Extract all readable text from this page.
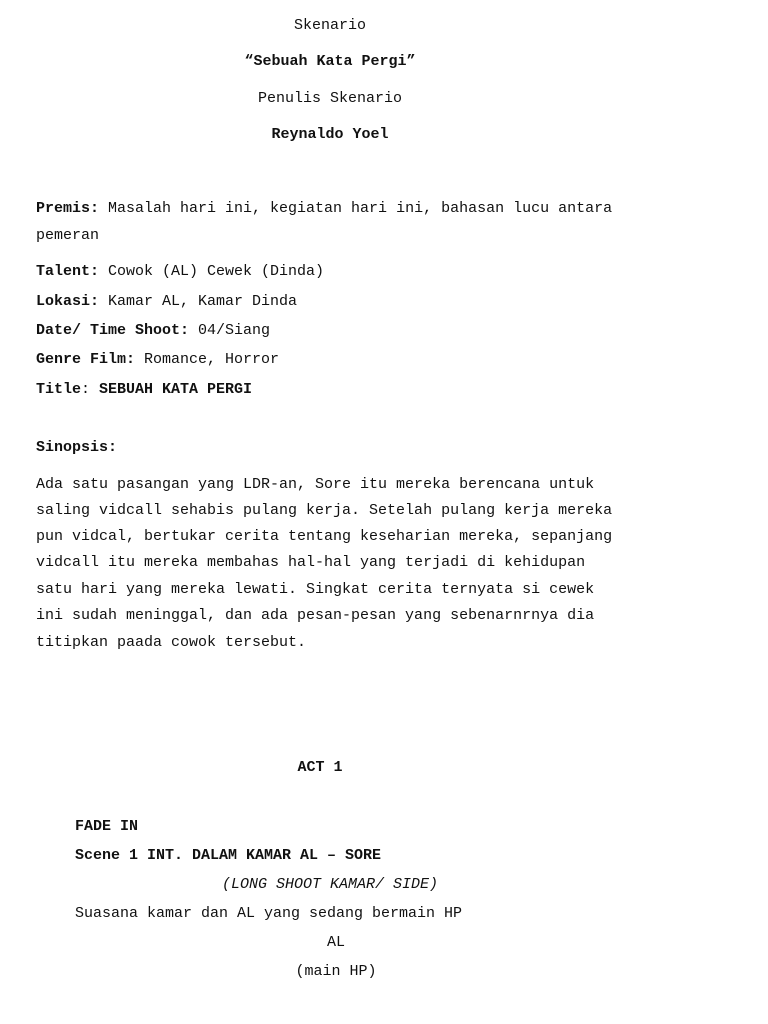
Skenario
“Sebuah Kata Pergi”
Penulis Skenario
Reynaldo Yoel
Premis: Masalah hari ini, kegiatan hari ini, bahasan lucu antara
pemeran
Talent: Cowok (AL) Cewek (Dinda)
Lokasi: Kamar AL, Kamar Dinda
Date/ Time Shoot: 04/Siang
Genre Film: Romance, Horror
Title: SEBUAH KATA PERGI
Sinopsis:
Ada satu pasangan yang LDR-an, Sore itu mereka berencana untuk
saling vidcall sehabis pulang kerja. Setelah pulang kerja mereka
pun vidcal, bertukar cerita tentang keseharian mereka, sepanjang
vidcall itu mereka membahas hal-hal yang terjadi di kehidupan
satu hari yang mereka lewati. Singkat cerita ternyata si cewek
ini sudah meninggal, dan ada pesan-pesan yang sebenarnrnya dia
titipkan paada cowok tersebut.
ACT 1
FADE IN
Scene 1 INT. DALAM KAMAR AL – SORE
(LONG SHOOT KAMAR/ SIDE)
Suasana kamar dan AL yang sedang bermain HP
AL
(main HP)
